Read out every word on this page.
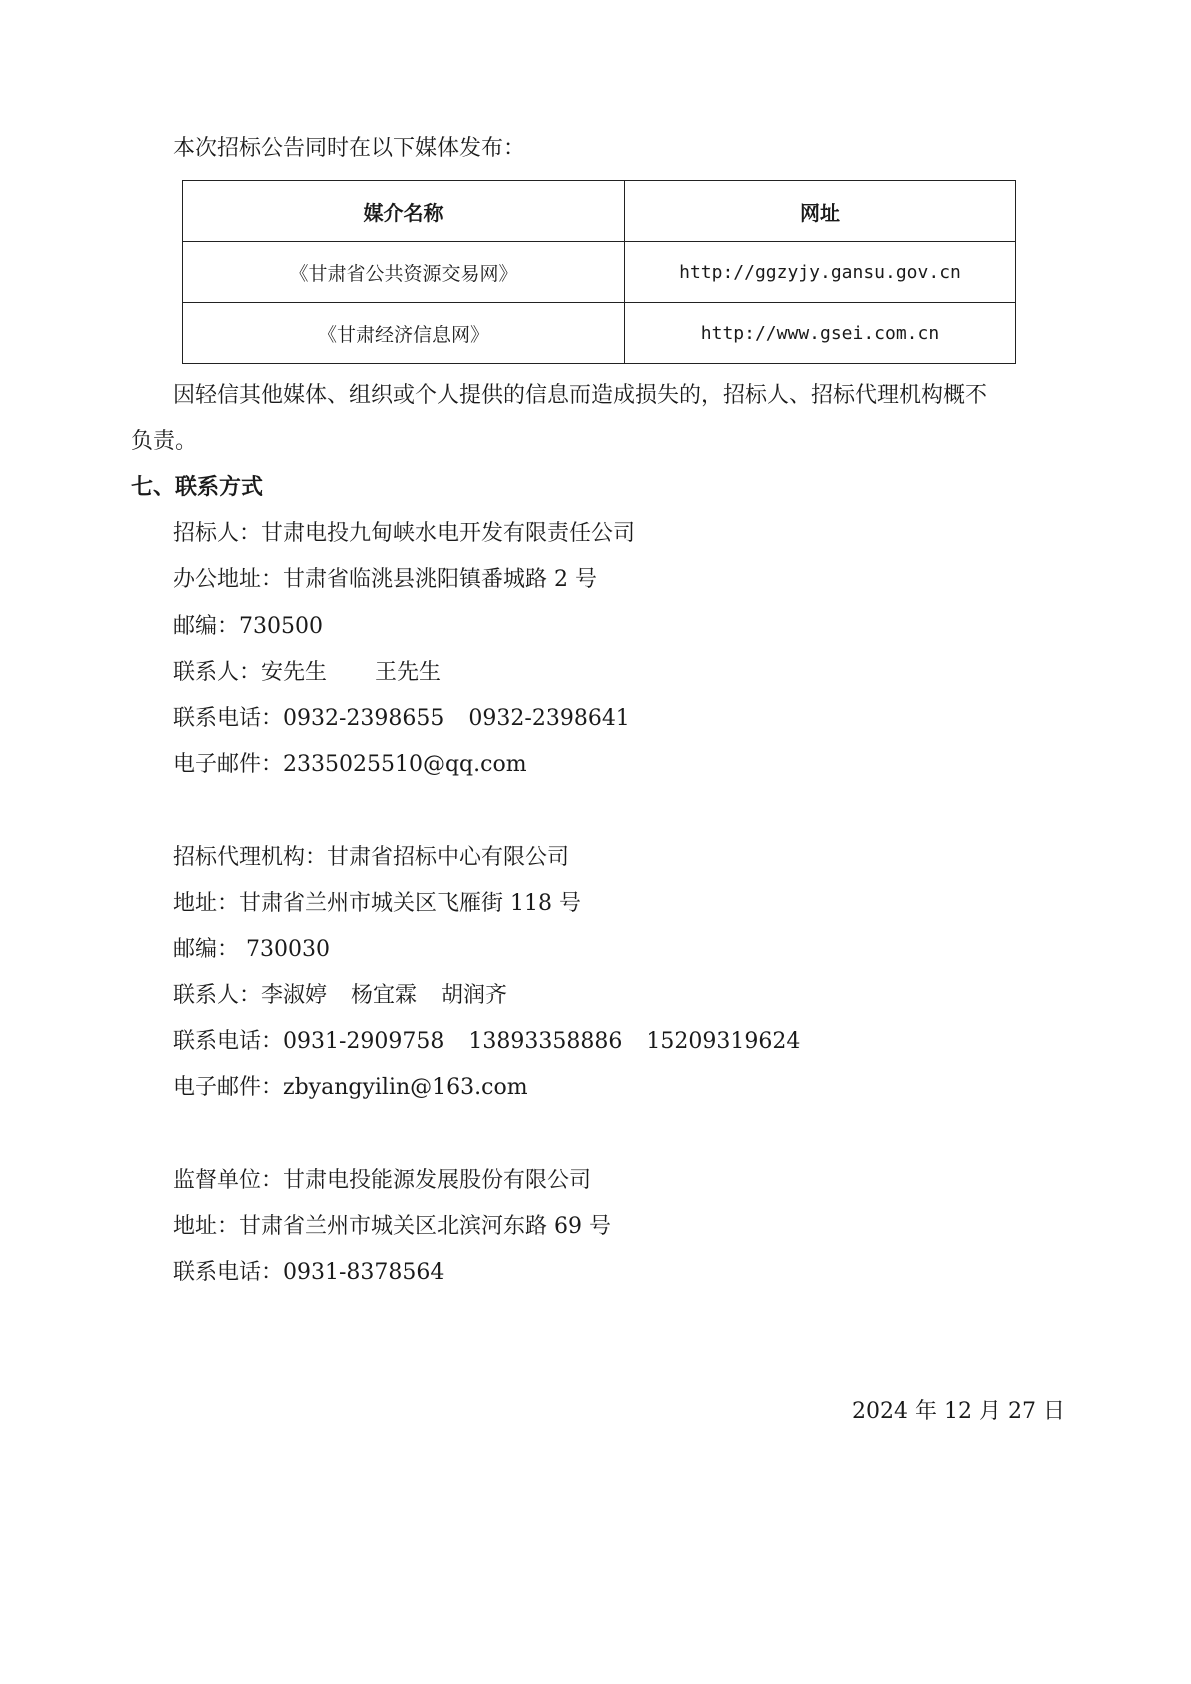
本次招标公告同时在以下媒体发布：
媒介名称	网址
《甘肃省公共资源交易网》	http://ggzyjy.gansu.gov.cn
《甘肃经济信息网》	http://www.gsei.com.cn
因轻信其他媒体、组织或个人提供的信息而造成损失的，招标人、招标代理机构概不
负责。
七、联系方式
招标人：甘肃电投九甸峡水电开发有限责任公司
办公地址：甘肃省临洮县洮阳镇番城路 2 号
邮编：730500
联系人：安先生 王先生
联系电话：0932-2398655 0932-2398641
电子邮件：2335025510@qq.com
招标代理机构：甘肃省招标中心有限公司
地址：甘肃省兰州市城关区飞雁街 118 号
邮编： 730030
联系人：李淑婷 杨宜霖 胡润齐
联系电话：0931-2909758 13893358886 15209319624
电子邮件：zbyangyilin@163.com
监督单位：甘肃电投能源发展股份有限公司
地址：甘肃省兰州市城关区北滨河东路 69 号
联系电话：0931-8378564
2024 年 12 月 27 日
